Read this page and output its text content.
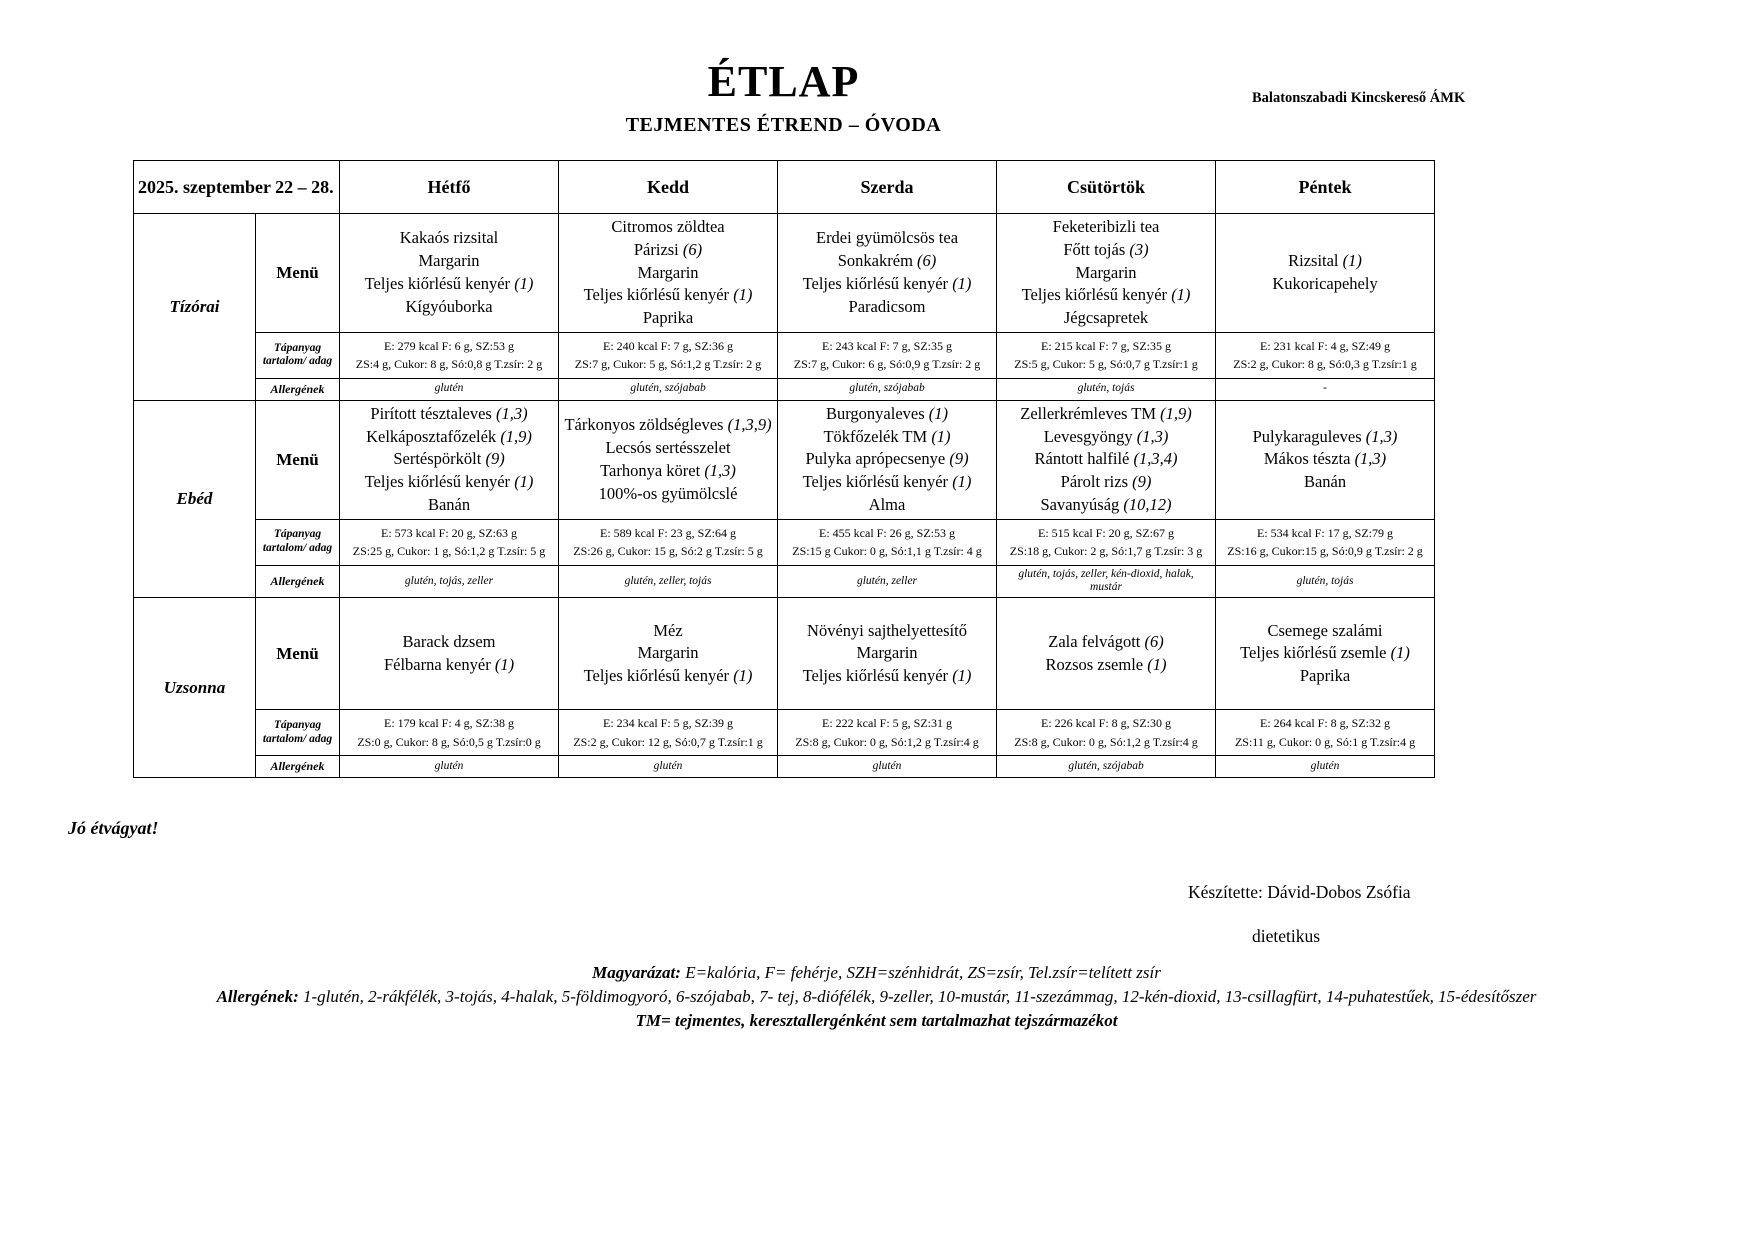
ÉTLAP
TEJMENTES ÉTREND – ÓVODA
Balatonszabadi Kincskereső ÁMK
2025. szeptember 22 – 28.		Hétfő	Kedd	Szerda	Csütörtök	Péntek
Tízórai	Menü	Kakaós rizsital
Margarin
Teljes kiőrlésű kenyér (1)
Kígyóuborka	Citromos zöldtea
Párizsi (6)
Margarin
Teljes kiőrlésű kenyér (1)
Paprika	Erdei gyümölcsös tea
Sonkakrém (6)
Teljes kiőrlésű kenyér (1)
Paradicsom	Feketeribizli tea
Főtt tojás (3)
Margarin
Teljes kiőrlésű kenyér (1)
Jégcsapretek	Rizsital (1)
Kukoricapehely
	Tápanyag tartalom/ adag	E: 279 kcal F: 6 g, SZ:53 g
ZS:4 g, Cukor: 8 g, Só:0,8 g T.zsír: 2 g	E: 240 kcal F: 7 g, SZ:36 g
ZS:7 g, Cukor: 5 g, Só:1,2 g T.zsír: 2 g	E: 243 kcal F: 7 g, SZ:35 g
ZS:7 g, Cukor: 6 g, Só:0,9 g T.zsír: 2 g	E: 215 kcal F: 7 g, SZ:35 g
ZS:5 g, Cukor: 5 g, Só:0,7 g T.zsír:1 g	E: 231 kcal F: 4 g, SZ:49 g
ZS:2 g, Cukor: 8 g, Só:0,3 g T.zsír:1 g
	Allergének	glutén	glutén, szójabab	glutén, szójabab	glutén, tojás	-
Ebéd	Menü	Pirított tésztaleves (1,3)
Kelkáposztafőzelék (1,9)
Sertéspörkölt (9)
Teljes kiőrlésű kenyér (1)
Banán	Tárkonyos zöldségleves (1,3,9)
Lecsós sertésszelet
Tarhonya köret (1,3)
100%-os gyümölcslé	Burgonyaleves (1)
Tökfőzelék TM (1)
Pulyka aprópecsenye (9)
Teljes kiőrlésű kenyér (1)
Alma	Zellerkrémleves TM (1,9)
Levesgyöngy (1,3)
Rántott halfilé (1,3,4)
Párolt rizs (9)
Savanyúság (10,12)	Pulykaraguleves (1,3)
Mákos tészta (1,3)
Banán
	Tápanyag tartalom/ adag	E: 573 kcal F: 20 g, SZ:63 g
ZS:25 g, Cukor: 1 g, Só:1,2 g T.zsír: 5 g	E: 589 kcal F: 23 g, SZ:64 g
ZS:26 g, Cukor: 15 g, Só:2 g T.zsír: 5 g	E: 455 kcal F: 26 g, SZ:53 g
ZS:15 g Cukor: 0 g, Só:1,1 g T.zsír: 4 g	E: 515 kcal F: 20 g, SZ:67 g
ZS:18 g, Cukor: 2 g, Só:1,7 g T.zsír: 3 g	E: 534 kcal F: 17 g, SZ:79 g
ZS:16 g, Cukor:15 g, Só:0,9 g T.zsír: 2 g
	Allergének	glutén, tojás, zeller	glutén, zeller, tojás	glutén, zeller	glutén, tojás, zeller, kén-dioxid, halak, mustár	glutén, tojás
Uzsonna	Menü	Barack dzsem
Félbarna kenyér (1)	Méz
Margarin
Teljes kiőrlésű kenyér (1)	Növényi sajthelyettesítő
Margarin
Teljes kiőrlésű kenyér (1)	Zala felvágott (6)
Rozsos zsemle (1)	Csemege szalámi
Teljes kiőrlésű zsemle (1)
Paprika
	Tápanyag tartalom/ adag	E: 179 kcal F: 4 g, SZ:38 g
ZS:0 g, Cukor: 8 g, Só:0,5 g T.zsír:0 g	E: 234 kcal F: 5 g, SZ:39 g
ZS:2 g, Cukor: 12 g, Só:0,7 g T.zsír:1 g	E: 222 kcal F: 5 g, SZ:31 g
ZS:8 g, Cukor: 0 g, Só:1,2 g T.zsír:4 g	E: 226 kcal F: 8 g, SZ:30 g
ZS:8 g, Cukor: 0 g, Só:1,2 g T.zsír:4 g	E: 264 kcal F: 8 g, SZ:32 g
ZS:11 g, Cukor: 0 g, Só:1 g T.zsír:4 g
	Allergének	glutén	glutén	glutén	glutén, szójabab	glutén
Jó étvágyat!
Készítette: Dávid-Dobos Zsófia
dietetikus
Magyarázat: E=kalória, F= fehérje, SZH=szénhidrát, ZS=zsír, Tel.zsír=telített zsír
Allergének: 1-glutén, 2-rákfélék, 3-tojás, 4-halak, 5-földimogyoró, 6-szójabab, 7- tej, 8-diófélék, 9-zeller, 10-mustár, 11-szezámmag, 12-kén-dioxid, 13-csillagfürt, 14-puhatestűek, 15-édesítőszer
TM= tejmentes, keresztallergénként sem tartalmazhat tejszármazékot
